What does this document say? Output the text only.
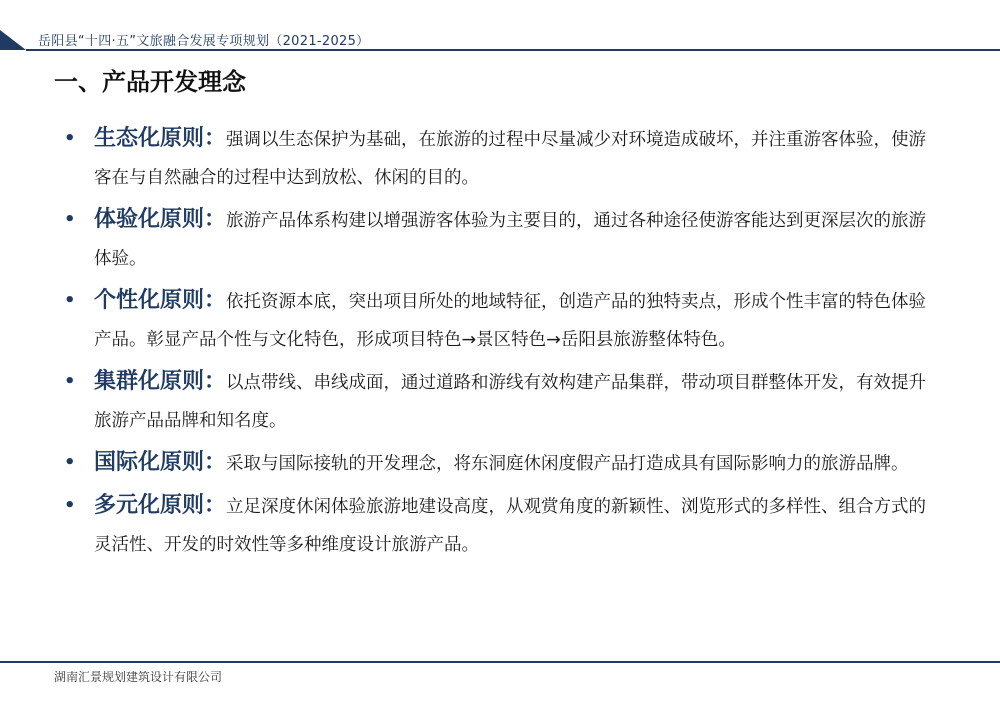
岳阳县“十四·五”文旅融合发展专项规划（2021-2025）
一、产品开发理念
• 生态化原则：强调以生态保护为基础，在旅游的过程中尽量减少对环境造成破坏，并注重游客体验，使游客在与自然融合的过程中达到放松、休闲的目的。
• 体验化原则：旅游产品体系构建以增强游客体验为主要目的，通过各种途径使游客能达到更深层次的旅游体验。
• 个性化原则：依托资源本底，突出项目所处的地域特征，创造产品的独特卖点，形成个性丰富的特色体验产品。彰显产品个性与文化特色，形成项目特色→景区特色→岳阳县旅游整体特色。
• 集群化原则：以点带线、串线成面，通过道路和游线有效构建产品集群，带动项目群整体开发，有效提升旅游产品品牌和知名度。
• 国际化原则：采取与国际接轨的开发理念，将东洞庭休闲度假产品打造成具有国际影响力的旅游品牌。
• 多元化原则：立足深度休闲体验旅游地建设高度，从观赏角度的新颖性、浏览形式的多样性、组合方式的灵活性、开发的时效性等多种维度设计旅游产品。
湖南汇景规划建筑设计有限公司
